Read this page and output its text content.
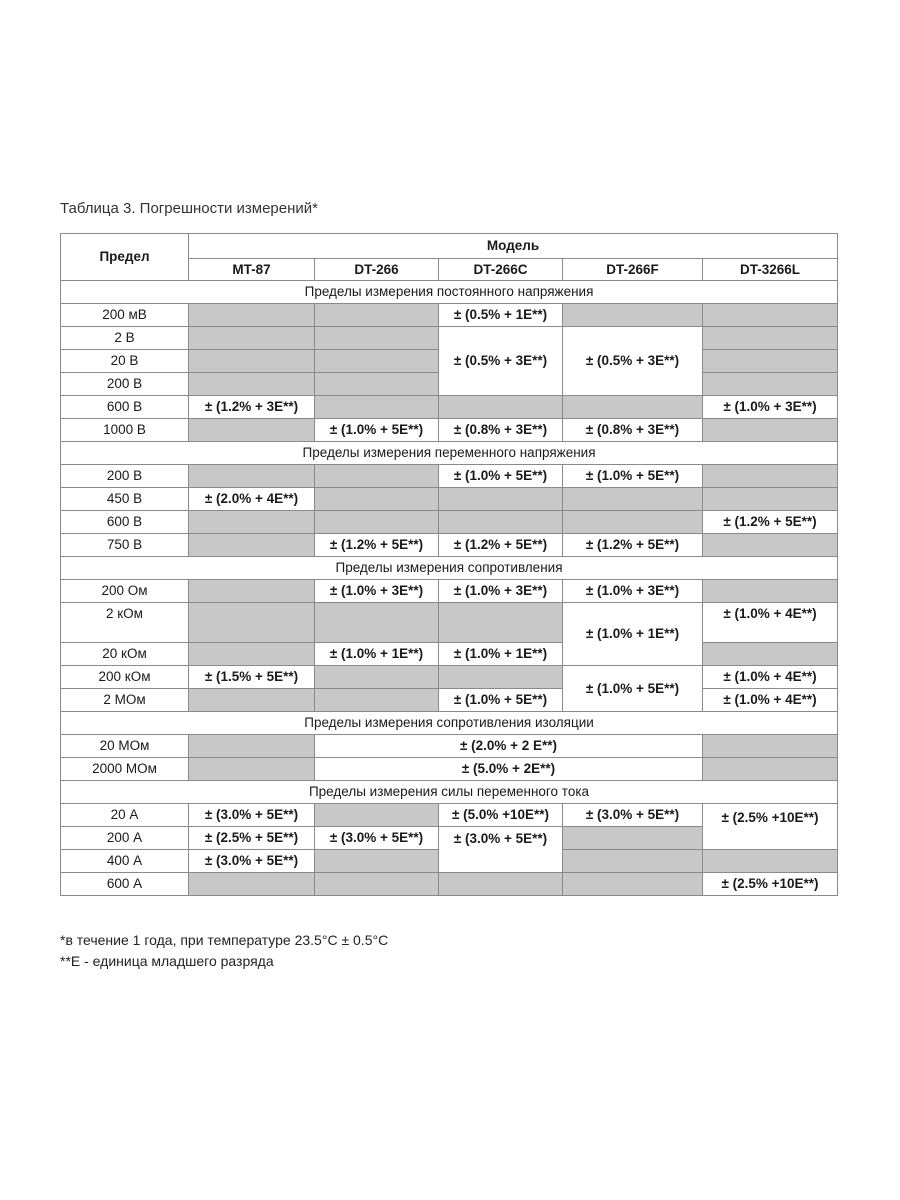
Таблица 3. Погрешности измерений*
Предел	Модель				
	MT-87	DT-266	DT-266C	DT-266F	DT-3266L
Пределы измерения постоянного напряжения					
200 мВ			± (0.5% + 1E**)		
2 В			± (0.5% + 3E**)	± (0.5% + 3E**)	
20 В					
200 В					
600 В	± (1.2% + 3E**)				± (1.0% + 3E**)
1000 В		± (1.0% + 5E**)	± (0.8% + 3E**)	± (0.8% + 3E**)	
Пределы измерения переменного напряжения					
200 В			± (1.0% + 5E**)	± (1.0% + 5E**)	
450 В	± (2.0% + 4E**)				
600 В					± (1.2% + 5E**)
750 В		± (1.2% + 5E**)	± (1.2% + 5E**)	± (1.2% + 5E**)	
Пределы измерения сопротивления					
200 Ом		± (1.0% + 3E**)	± (1.0% + 3E**)	± (1.0% + 3E**)	
2 кОм				± (1.0% + 1E**)	± (1.0% + 4E**)
20 кОм		± (1.0% + 1E**)	± (1.0% + 1E**)		
200 кОм	± (1.5% + 5E**)			± (1.0% + 5E**)	± (1.0% + 4E**)
2 МОм			± (1.0% + 5E**)		± (1.0% + 4E**)
Пределы измерения сопротивления изоляции					
20 МОм		± (2.0% + 2 E**)			
2000 МОм		± (5.0% + 2E**)			
Пределы измерения силы переменного тока					
20 А	± (3.0% + 5E**)		± (5.0% +10E**)	± (3.0% + 5E**)	± (2.5% +10E**)
200 А	± (2.5% + 5E**)	± (3.0% + 5E**)	± (3.0% + 5E**)		
400 А	± (3.0% + 5E**)				
600 А					± (2.5% +10E**)
*в течение 1 года, при температуре 23.5°C ± 0.5°C
**Е - единица младшего разряда
